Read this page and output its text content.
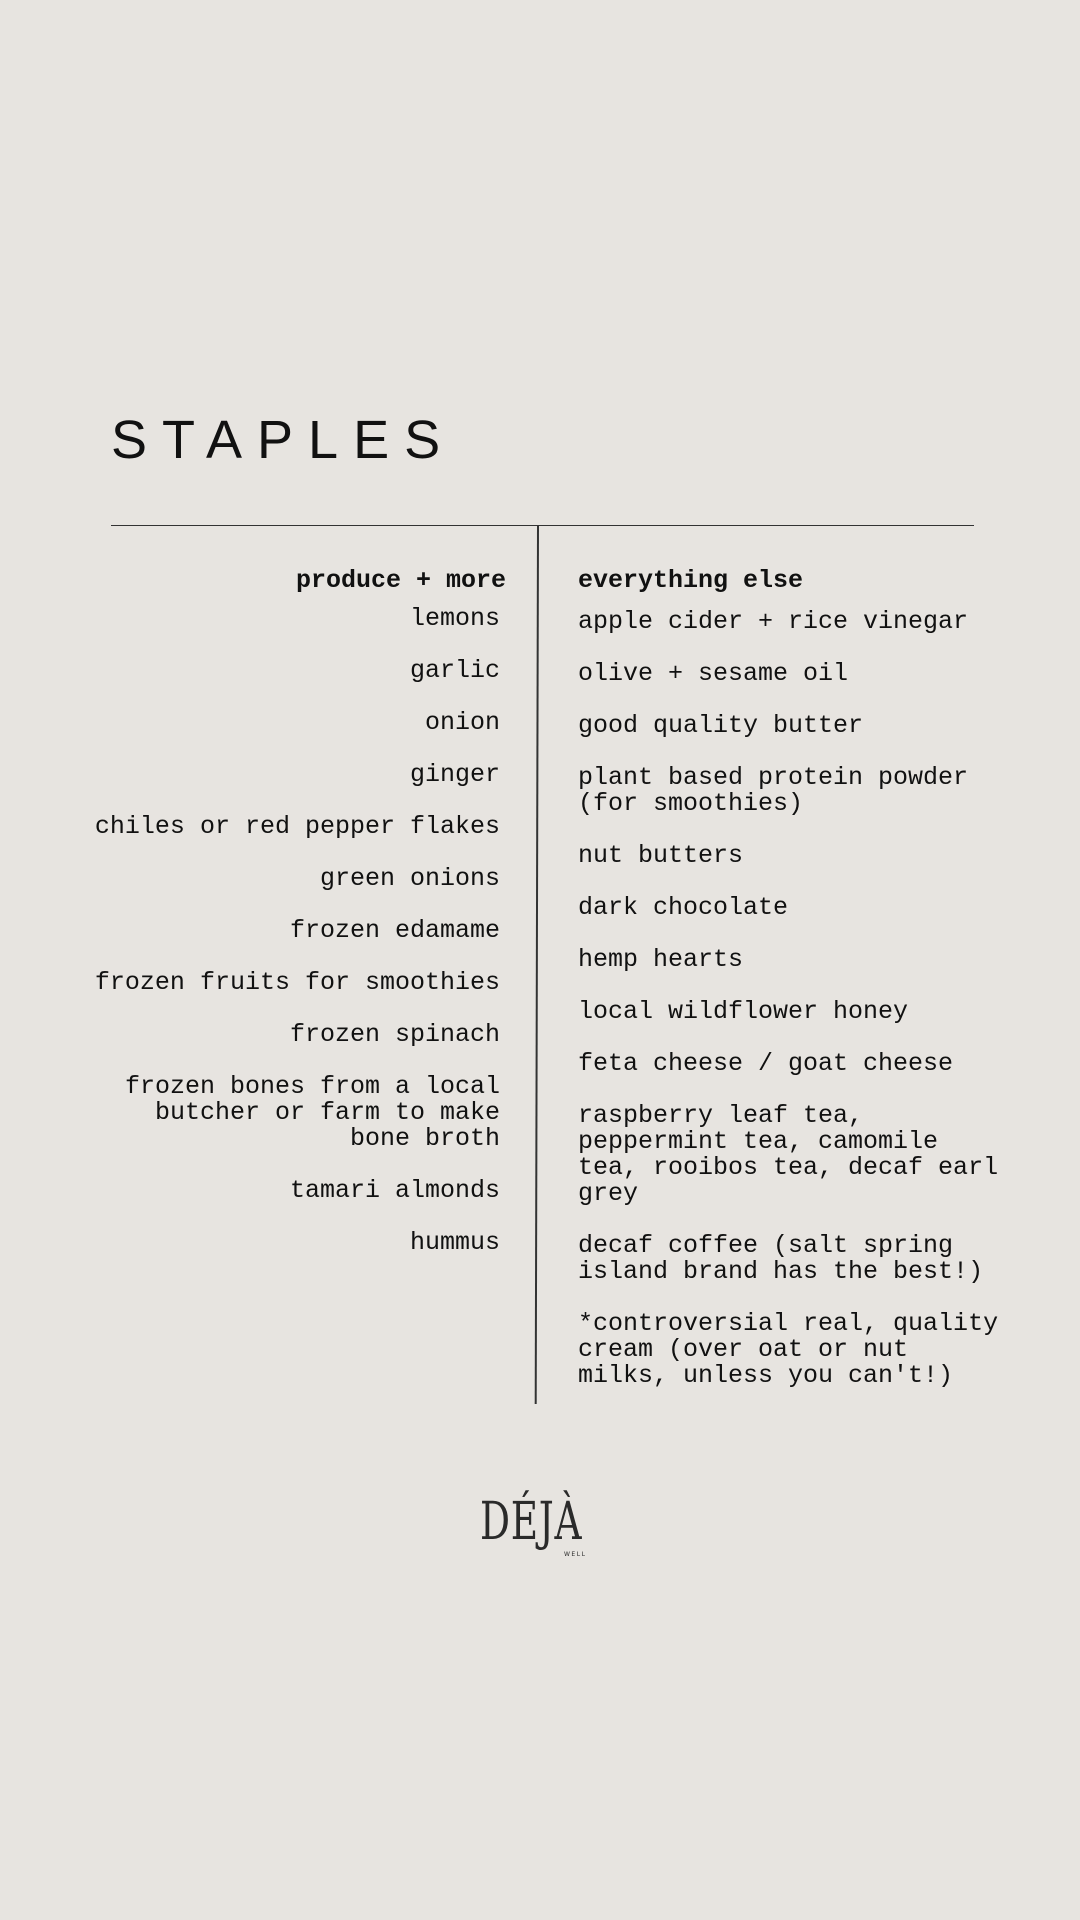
STAPLES
produce + more
lemons
garlic
onion
ginger
chiles or red pepper flakes
green onions
frozen edamame
frozen fruits for smoothies
frozen spinach
frozen bones from a local
butcher or farm to make
bone broth
tamari almonds
hummus
everything else
apple cider + rice vinegar
olive + sesame oil
good quality butter
plant based protein powder
(for smoothies)
nut butters
dark chocolate
hemp hearts
local wildflower honey
feta cheese / goat cheese
raspberry leaf tea,
peppermint tea, camomile
tea, rooibos tea, decaf earl
grey
decaf coffee (salt spring
island brand has the best!)
*controversial real, quality
cream (over oat or nut
milks, unless you can't!)
DÉJÀ
WELL
